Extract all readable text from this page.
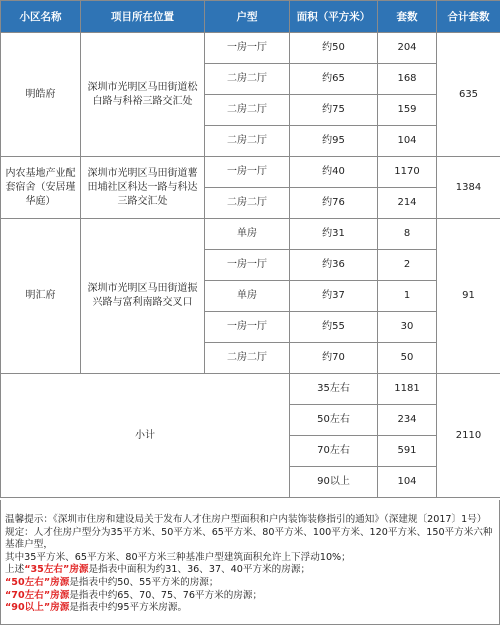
小区名称	项目所在位置	户型	面积（平方米）	套数	合计套数
明皓府	深圳市光明区马田街道松白路与科裕三路交汇处	一房一厅	约50	204	635
		二房二厅	约65	168	
		二房二厅	约75	159	
		二房二厅	约95	104	
内农基地产业配套宿舍（安居瑾华庭）	深圳市光明区马田街道薯田埔社区科达一路与科达三路交汇处	一房一厅	约40	1170	1384
		二房二厅	约76	214	
明汇府	深圳市光明区马田街道振兴路与富利南路交叉口	单房	约31	8	91
		一房一厅	约36	2	
		单房	约37	1	
		一房一厅	约55	30	
		二房二厅	约70	50	
小计			35左右	1181	2110
			50左右	234	
			70左右	591	
			90以上	104	
温馨提示：《深圳市住房和建设局关于发布人才住房户型面积和户内装饰装修指引的通知》（深建规〔2017〕1号）规定：人才住房户型分为35平方米、50平方米、65平方米、80平方米、100平方米、120平方米、150平方米六种基准户型，
其中35平方米、65平方米、80平方米三种基准户型建筑面积允许上下浮动10%；
上述“35左右”房源是指表中面积为约31、36、37、40平方米的房源；
“50左右”房源是指表中约50、55平方米的房源；
“70左右”房源是指表中约65、70、75、76平方米的房源；
“90以上”房源是指表中约95平方米房源。
